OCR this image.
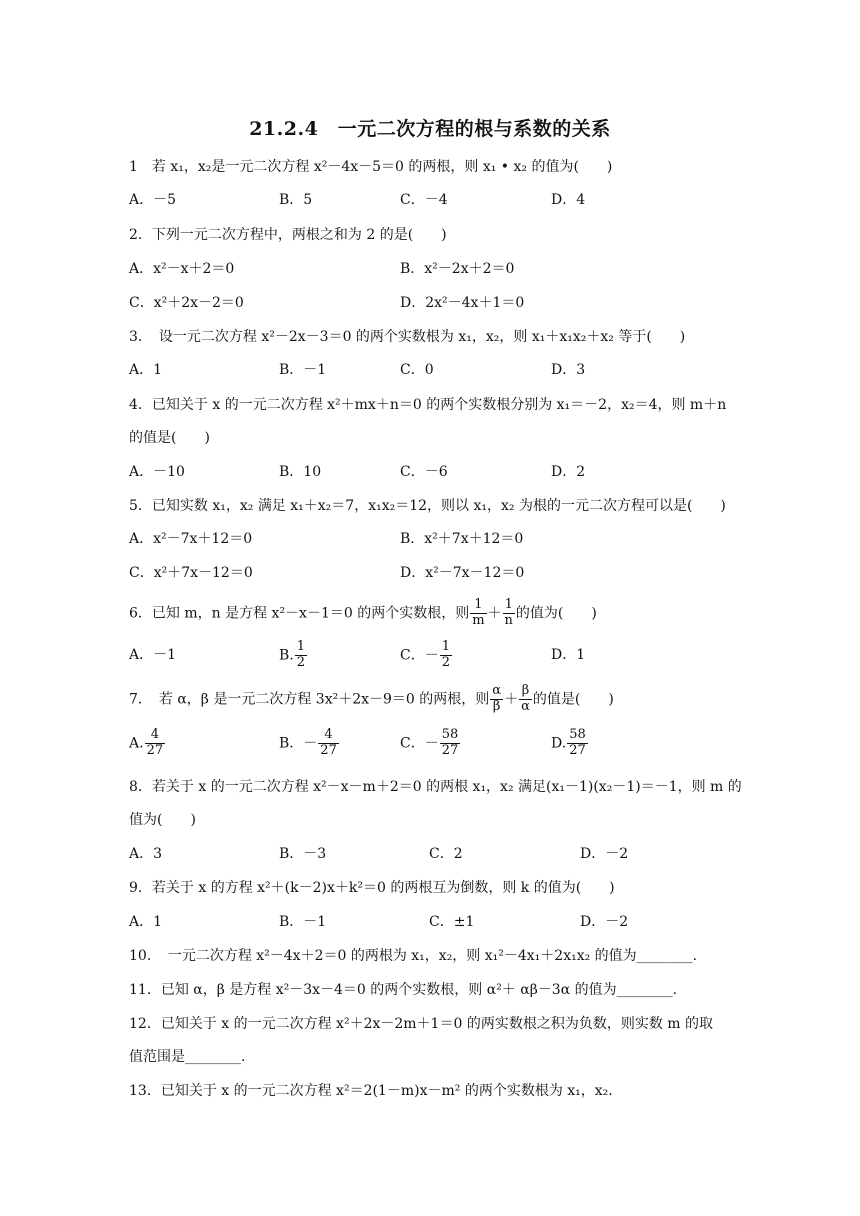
21.2.4　一元二次方程的根与系数的关系
1　若 x₁，x₂是一元二次方程 x²－4x－5＝0 的两根，则 x₁ • x₂ 的值为(　　)
A．－5	B．5	C．－4	D．4
2．下列一元二次方程中，两根之和为 2 的是(　　)
A．x²－x＋2＝0	B．x²－2x＋2＝0
C．x²＋2x－2＝0	D．2x²－4x＋1＝0
3．　设一元二次方程 x²－2x－3＝0 的两个实数根为 x₁，x₂，则 x₁＋x₁x₂＋x₂ 等于(　　)
A．1	B．－1	C．0	D．3
4．已知关于 x 的一元二次方程 x²＋mx＋n＝0 的两个实数根分别为 x₁＝－2，x₂＝4，则 m＋n
的值是(　　)
A．－10	B．10	C．－6	D．2
5．已知实数 x₁，x₂ 满足 x₁＋x₂＝7，x₁x₂＝12，则以 x₁，x₂ 为根的一元二次方程可以是(　　)
A．x²－7x＋12＝0	B．x²＋7x＋12＝0
C．x²＋7x－12＝0	D．x²－7x－12＝0
6．已知 m，n 是方程 x²－x－1＝0 的两个实数根，则 $\frac{1}{m} + \frac{1}{n}$ 的值为(　　)
A．－1	B. $\frac{1}{2}$	C．－ $\frac{1}{2}$	D．1
7．　若 α，β 是一元二次方程 3x²＋2x－9＝0 的两根，则 $\frac{\alpha}{\beta} + \frac{\beta}{\alpha}$ 的值是(　　)
A. $\frac{4}{27}$	B．－ $\frac{4}{27}$	C．－ $\frac{58}{27}$	D. $\frac{58}{27}$
8．若关于 x 的一元二次方程 x²－x－m＋2＝0 的两根 x₁，x₂ 满足(x₁－1)(x₂－1)＝－1，则 m 的
值为(　　)
A．3	B．－3	C．2	D．－2
9．若关于 x 的方程 x²＋(k－2)x＋k²＝0 的两根互为倒数，则 k 的值为(　　)
A．1	B．－1	C．±1	D．－2
10．　一元二次方程 x²－4x＋2＝0 的两根为 x₁，x₂，则 x₁²－4x₁＋2x₁x₂ 的值为________.
11．已知 α，β 是方程 x²－3x－4＝0 的两个实数根，则 α²＋ αβ－3α 的值为________.
12．已知关于 x 的一元二次方程 x²＋2x－2m＋1＝0 的两实数根之积为负数，则实数 m 的取
值范围是________.
13．已知关于 x 的一元二次方程 x²＝2(1－m)x－m² 的两个实数根为 x₁，x₂.
